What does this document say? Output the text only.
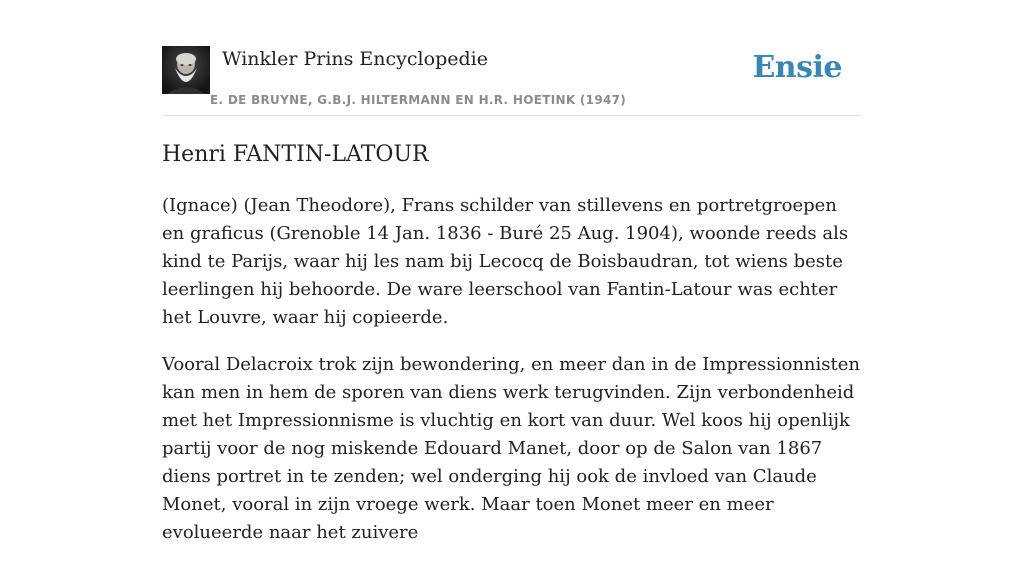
Winkler Prins Encyclopedie
E. DE BRUYNE, G.B.J. HILTERMANN EN H.R. HOETINK (1947)
Ensie
Henri FANTIN-LATOUR

(Ignace) (Jean Theodore), Frans schilder van stillevens en portretgroepen en graficus (Grenoble 14 Jan. 1836 - Buré 25 Aug. 1904), woonde reeds als kind te Parijs, waar hij les nam bij Lecocq de Boisbaudran, tot wiens beste leerlingen hij behoorde. De ware leerschool van Fantin-Latour was echter het Louvre, waar hij copieerde.

Vooral Delacroix trok zijn bewondering, en meer dan in de Impressionnisten kan men in hem de sporen van diens werk terugvinden. Zijn verbondenheid met het Impressionnisme is vluchtig en kort van duur. Wel koos hij openlijk partij voor de nog miskende Edouard Manet, door op de Salon van 1867 diens portret in te zenden; wel onderging hij ook de invloed van Claude Monet, vooral in zijn vroege werk. Maar toen Monet meer en meer evolueerde naar het zuivere
